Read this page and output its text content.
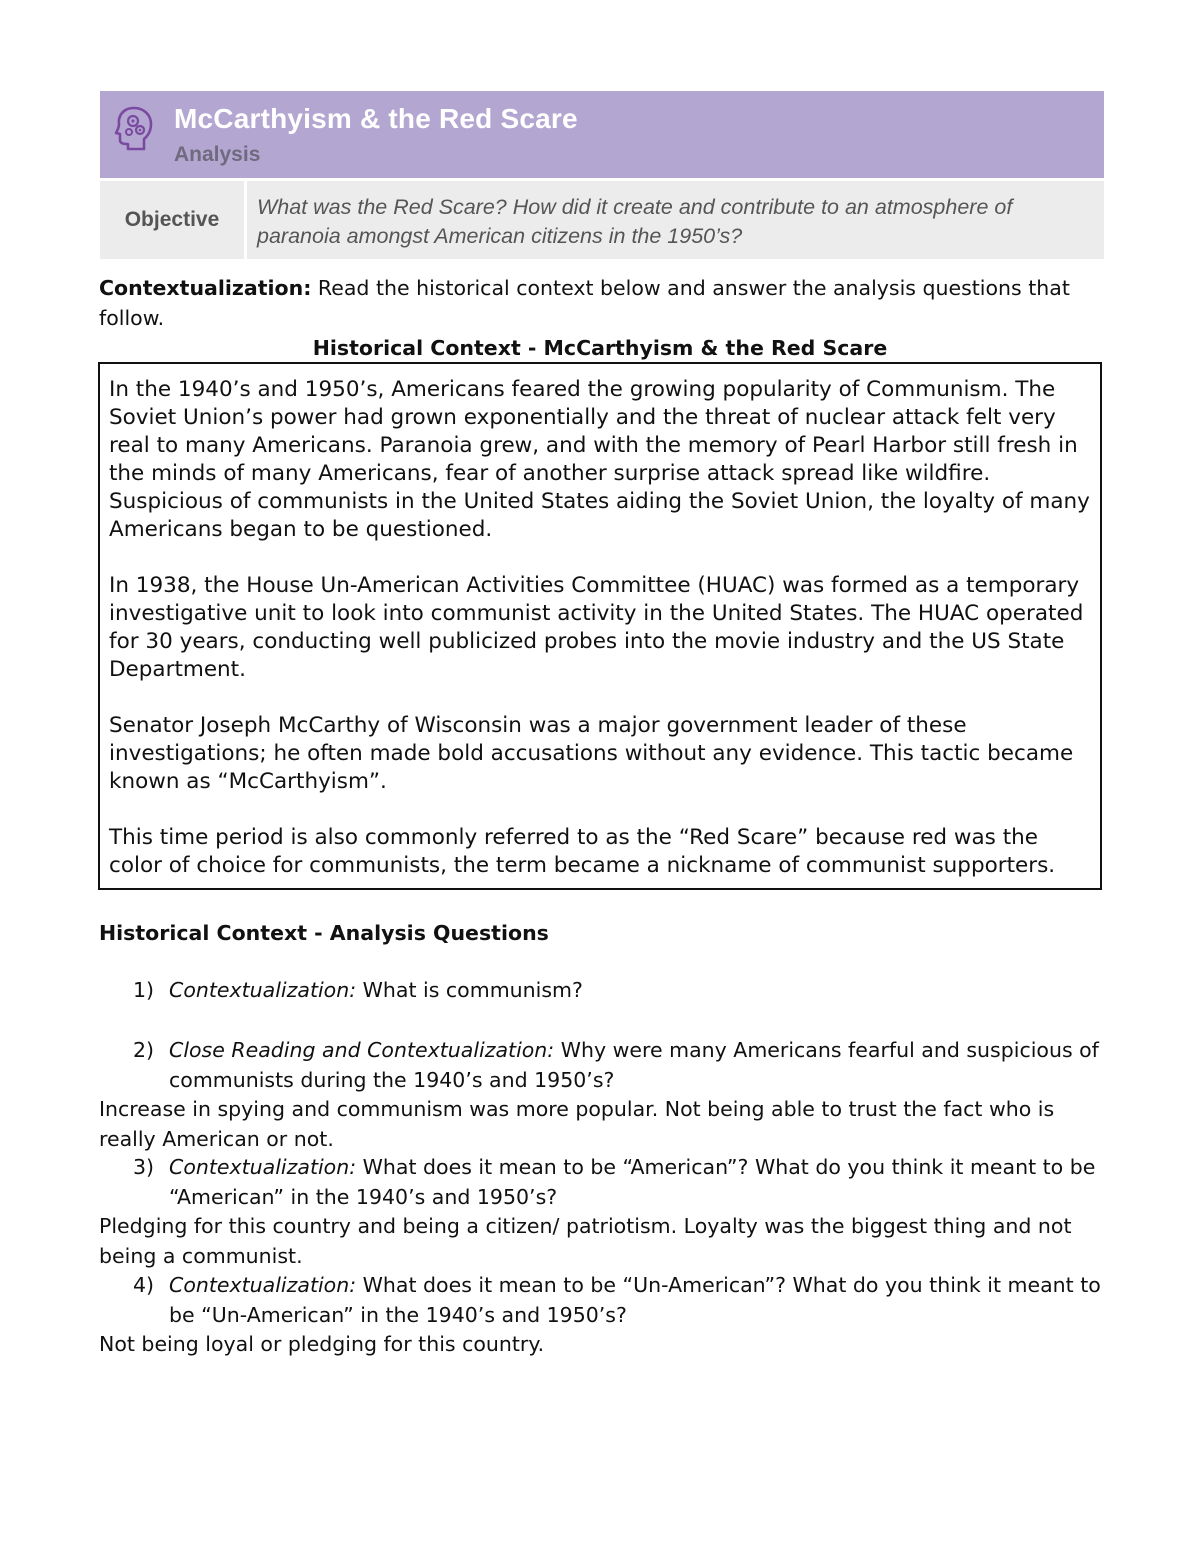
McCarthyism & the Red Scare
Analysis
Objective
What was the Red Scare? How did it create and contribute to an atmosphere of paranoia amongst American citizens in the 1950’s?
Contextualization: Read the historical context below and answer the analysis questions that follow.
Historical Context - McCarthyism & the Red Scare

In the 1940’s and 1950’s, Americans feared the growing popularity of Communism. The Soviet Union’s power had grown exponentially and the threat of nuclear attack felt very real to many Americans. Paranoia grew, and with the memory of Pearl Harbor still fresh in the minds of many Americans, fear of another surprise attack spread like wildfire. Suspicious of communists in the United States aiding the Soviet Union, the loyalty of many Americans began to be questioned.

In 1938, the House Un-American Activities Committee (HUAC) was formed as a temporary investigative unit to look into communist activity in the United States. The HUAC operated for 30 years, conducting well publicized probes into the movie industry and the US State Department.

Senator Joseph McCarthy of Wisconsin was a major government leader of these investigations; he often made bold accusations without any evidence. This tactic became known as “McCarthyism”.

This time period is also commonly referred to as the “Red Scare” because red was the color of choice for communists, the term became a nickname of communist supporters.

Historical Context - Analysis Questions
1) Contextualization: What is communism?
2) Close Reading and Contextualization: Why were many Americans fearful and suspicious of communists during the 1940’s and 1950’s?
Increase in spying and communism was more popular. Not being able to trust the fact who is really American or not.
3) Contextualization: What does it mean to be “American”? What do you think it meant to be “American” in the 1940’s and 1950’s?
Pledging for this country and being a citizen/ patriotism. Loyalty was the biggest thing and not being a communist.
4) Contextualization: What does it mean to be “Un-American”? What do you think it meant to be “Un-American” in the 1940’s and 1950’s?
Not being loyal or pledging for this country.
